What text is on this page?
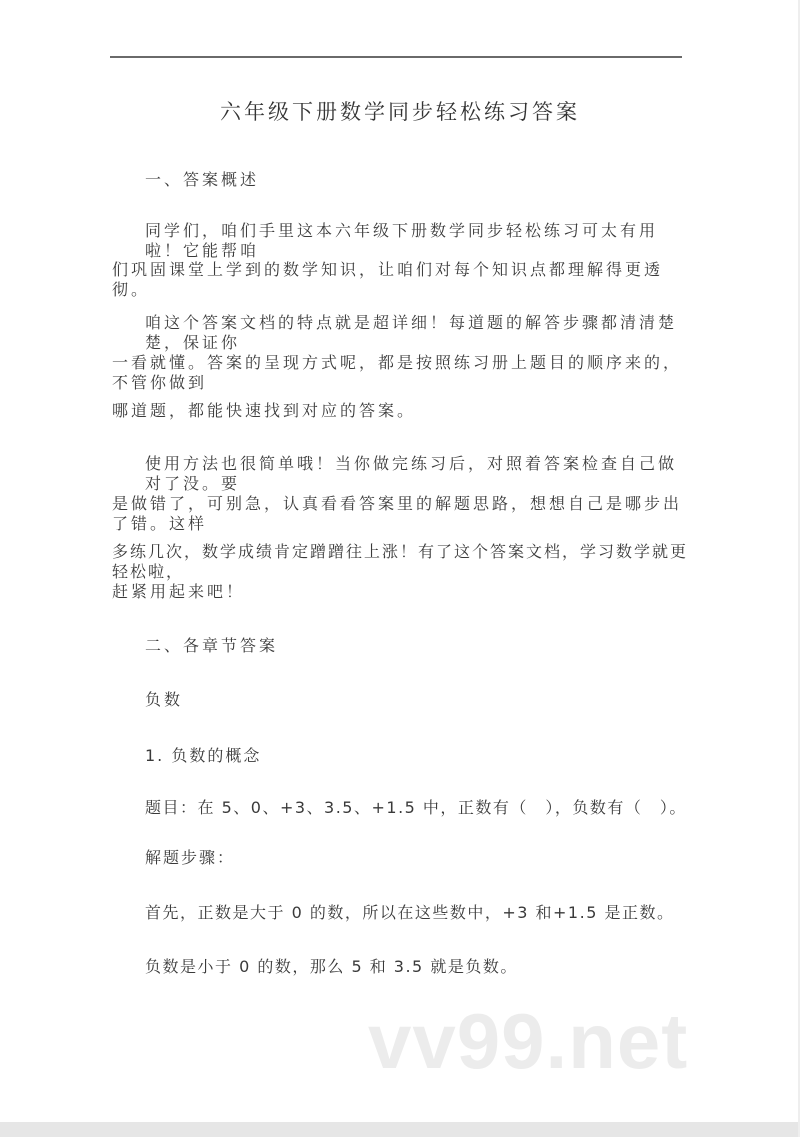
六年级下册数学同步轻松练习答案
一、答案概述
同学们，咱们手里这本六年级下册数学同步轻松练习可太有用啦！它能帮咱
们巩固课堂上学到的数学知识，让咱们对每个知识点都理解得更透彻。
咱这个答案文档的特点就是超详细！每道题的解答步骤都清清楚楚，保证你
一看就懂。答案的呈现方式呢，都是按照练习册上题目的顺序来的，不管你做到
哪道题，都能快速找到对应的答案。
使用方法也很简单哦！当你做完练习后，对照着答案检查自己做对了没。要
是做错了，可别急，认真看看答案里的解题思路，想想自己是哪步出了错。这样
多练几次，数学成绩肯定蹭蹭往上涨！有了这个答案文档，学习数学就更轻松啦，
赶紧用起来吧！
二、各章节答案
负数
1. 负数的概念
题目：在 5、0、+3、3.5、+1.5 中，正数有（　），负数有（　）。
解题步骤：
首先，正数是大于 0 的数，所以在这些数中，+3 和+1.5 是正数。
负数是小于 0 的数，那么 5 和 3.5 就是负数。
vv99.net
